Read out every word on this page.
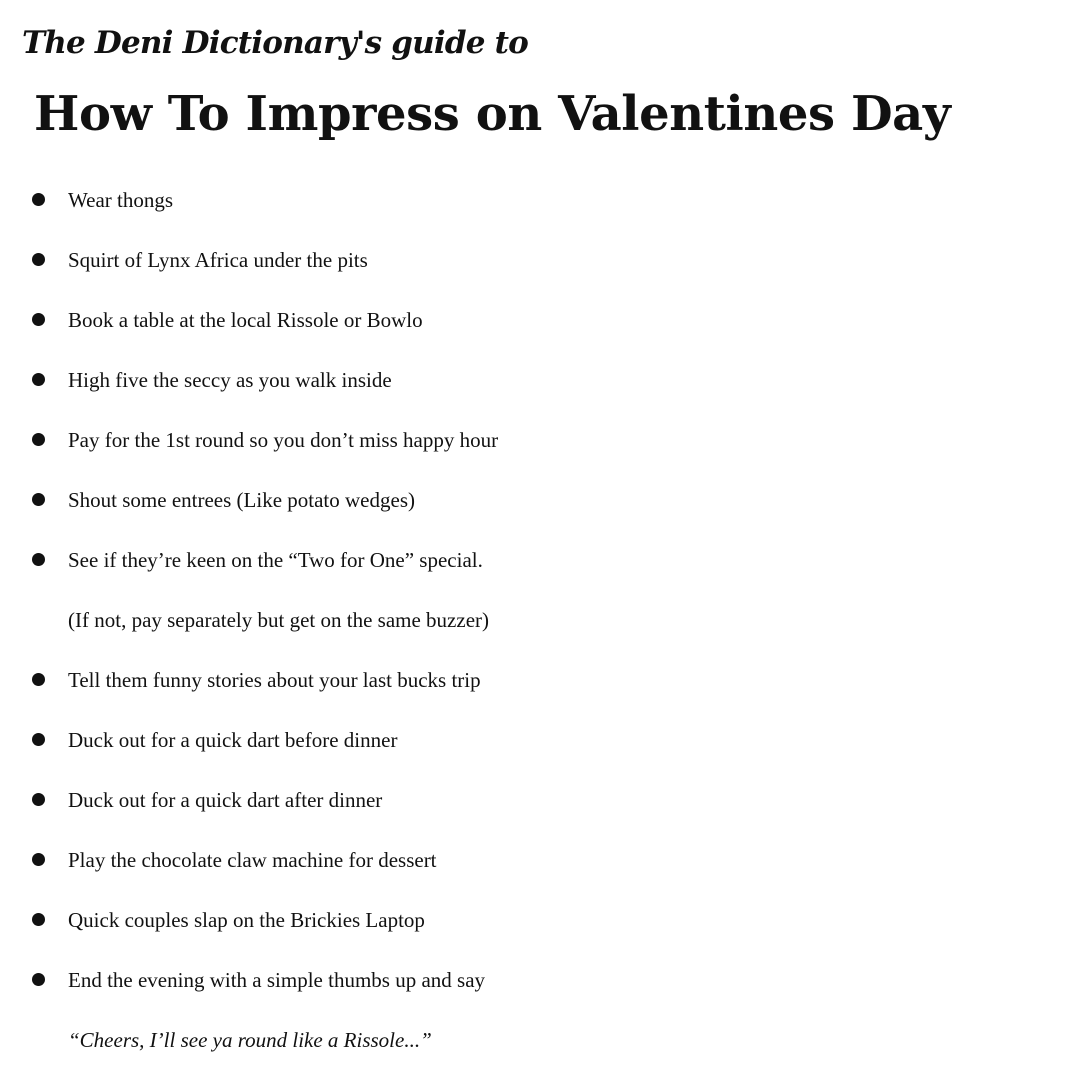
The Deni Dictionary's guide to
How To Impress on Valentines Day
Wear thongs
Squirt of Lynx Africa under the pits
Book a table at the local Rissole or Bowlo
High five the seccy as you walk inside
Pay for the 1st round so you don’t miss happy hour
Shout some entrees (Like potato wedges)
See if they’re keen on the “Two for One” special.
(If not, pay separately but get on the same buzzer)
Tell them funny stories about your last bucks trip
Duck out for a quick dart before dinner
Duck out for a quick dart after dinner
Play the chocolate claw machine for dessert
Quick couples slap on the Brickies Laptop
End the evening with a simple thumbs up and say
“Cheers, I’ll see ya round like a Rissole...”
